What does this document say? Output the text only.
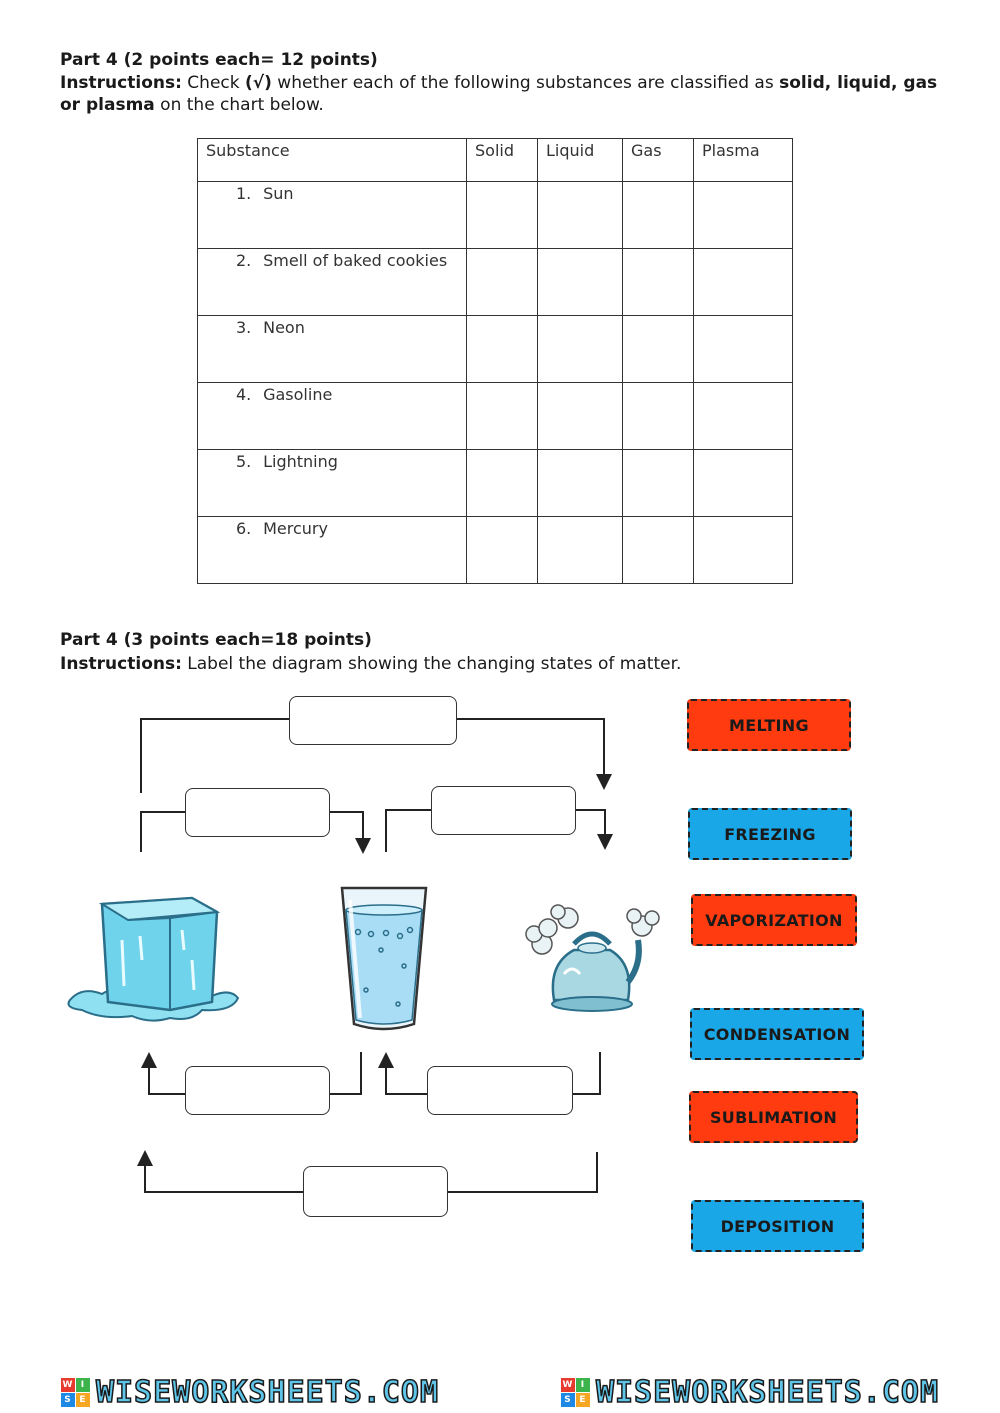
Part 4 (2 points each= 12 points)
Instructions: Check (√) whether each of the following substances are classified as solid, liquid, gas or plasma on the chart below.
Substance	Solid	Liquid	Gas	Plasma
1. Sun				
2. Smell of baked cookies				
3. Neon				
4. Gasoline				
5. Lightning				
6. Mercury				
Part 4 (3 points each=18 points)
Instructions: Label the diagram showing the changing states of matter.
MELTING
FREEZING
VAPORIZATION
CONDENSATION
SUBLIMATION
DEPOSITION
W I
S E WISEWORKSHEETS.COM	W I
S E WISEWORKSHEETS.COM
